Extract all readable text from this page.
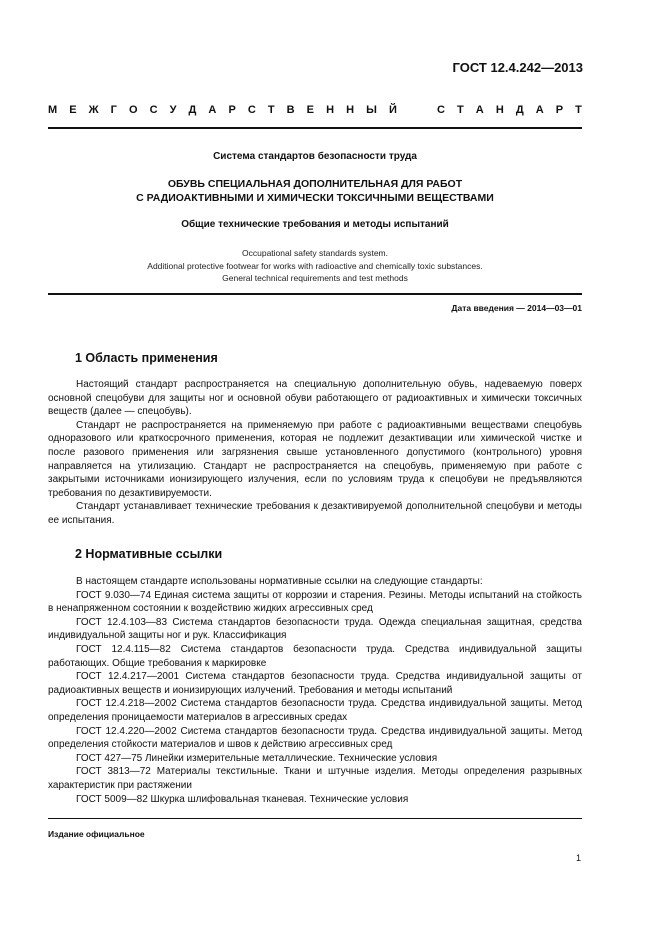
ГОСТ 12.4.242—2013
М Е Ж Г О С У Д А Р С Т В Е Н Н Ы Й	С Т А Н Д А Р Т
Система стандартов безопасности труда
ОБУВЬ СПЕЦИАЛЬНАЯ ДОПОЛНИТЕЛЬНАЯ ДЛЯ РАБОТ
С РАДИОАКТИВНЫМИ И ХИМИЧЕСКИ ТОКСИЧНЫМИ ВЕЩЕСТВАМИ
Общие технические требования и методы испытаний
Occupational safety standards system.
Additional protective footwear for works with radioactive and chemically toxic substances.
General technical requirements and test methods
Дата введения — 2014—03—01
1 Область применения

Настоящий стандарт распространяется на специальную дополнительную обувь, надеваемую поверх основной спецобуви для защиты ног и основной обуви работающего от радиоактивных и химически токсичных веществ (далее — спецобувь).

Стандарт не распространяется на применяемую при работе с радиоактивными веществами спецобувь одноразового или краткосрочного применения, которая не подлежит дезактивации или химической чистке и после разового применения или загрязнения свыше установленного допустимого (контрольного) уровня направляется на утилизацию. Стандарт не распространяется на спецобувь, применяемую при работе с закрытыми источниками ионизирующего излучения, если по условиям труда к спецобуви не предъявляются требования по дезактивируемости.

Стандарт устанавливает технические требования к дезактивируемой дополнительной спецобуви и методы ее испытания.

2 Нормативные ссылки

В настоящем стандарте использованы нормативные ссылки на следующие стандарты:

ГОСТ 9.030—74 Единая система защиты от коррозии и старения. Резины. Методы испытаний на стойкость в ненапряженном состоянии к воздействию жидких агрессивных сред

ГОСТ 12.4.103—83 Система стандартов безопасности труда. Одежда специальная защитная, средства индивидуальной защиты ног и рук. Классификация

ГОСТ 12.4.115—82 Система стандартов безопасности труда. Средства индивидуальной защиты работающих. Общие требования к маркировке

ГОСТ 12.4.217—2001 Система стандартов безопасности труда. Средства индивидуальной защиты от радиоактивных веществ и ионизирующих излучений. Требования и методы испытаний

ГОСТ 12.4.218—2002 Система стандартов безопасности труда. Средства индивидуальной защиты. Метод определения проницаемости материалов в агрессивных средах

ГОСТ 12.4.220—2002 Система стандартов безопасности труда. Средства индивидуальной защиты. Метод определения стойкости материалов и швов к действию агрессивных сред

ГОСТ 427—75 Линейки измерительные металлические. Технические условия

ГОСТ 3813—72 Материалы текстильные. Ткани и штучные изделия. Методы определения разрывных характеристик при растяжении

ГОСТ 5009—82 Шкурка шлифовальная тканевая. Технические условия

Издание официальное
1
